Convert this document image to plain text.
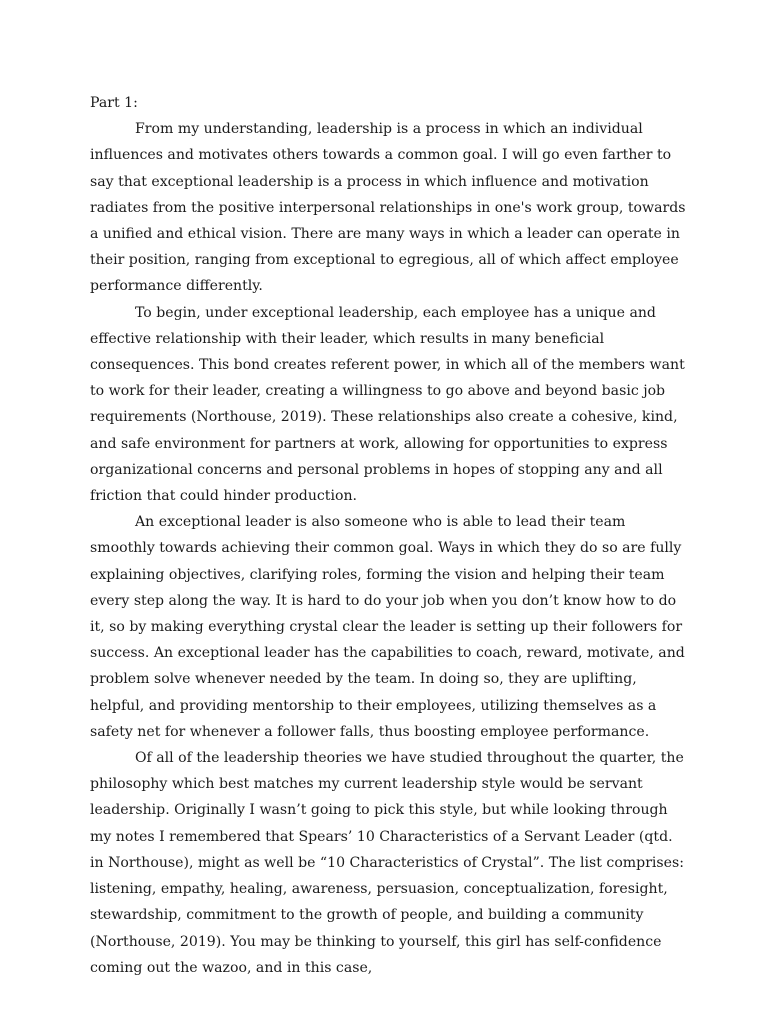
Part 1:

From my understanding, leadership is a process in which an individual influences and motivates others towards a common goal. I will go even farther to say that exceptional leadership is a process in which influence and motivation radiates from the positive interpersonal relationships in one's work group, towards a unified and ethical vision. There are many ways in which a leader can operate in their position, ranging from exceptional to egregious, all of which affect employee performance differently.

To begin, under exceptional leadership, each employee has a unique and effective relationship with their leader, which results in many beneficial consequences. This bond creates referent power, in which all of the members want to work for their leader, creating a willingness to go above and beyond basic job requirements (Northouse, 2019). These relationships also create a cohesive, kind, and safe environment for partners at work, allowing for opportunities to express organizational concerns and personal problems in hopes of stopping any and all friction that could hinder production.

An exceptional leader is also someone who is able to lead their team smoothly towards achieving their common goal. Ways in which they do so are fully explaining objectives, clarifying roles, forming the vision and helping their team every step along the way. It is hard to do your job when you don’t know how to do it, so by making everything crystal clear the leader is setting up their followers for success. An exceptional leader has the capabilities to coach, reward, motivate, and problem solve whenever needed by the team. In doing so, they are uplifting, helpful, and providing mentorship to their employees, utilizing themselves as a safety net for whenever a follower falls, thus boosting employee performance.

Of all of the leadership theories we have studied throughout the quarter, the philosophy which best matches my current leadership style would be servant leadership. Originally I wasn’t going to pick this style, but while looking through my notes I remembered that Spears’ 10 Characteristics of a Servant Leader (qtd. in Northouse), might as well be “10 Characteristics of Crystal”. The list comprises: listening, empathy, healing, awareness, persuasion, conceptualization, foresight, stewardship, commitment to the growth of people, and building a community (Northouse, 2019). You may be thinking to yourself, this girl has self-confidence coming out the wazoo, and in this case,
